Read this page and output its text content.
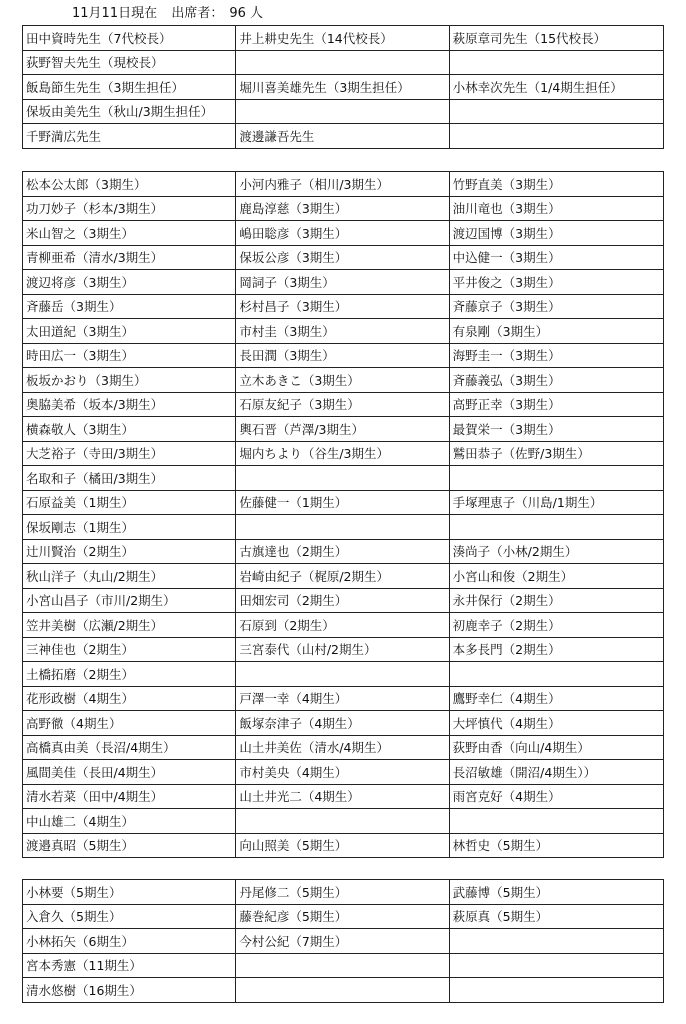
11月11日現在 出席者： 96 人
田中資時先生（7代校長）	井上耕史先生（14代校長）	萩原章司先生（15代校長）
荻野智夫先生（現校長）		
飯島節生先生（3期生担任）	堀川喜美雄先生（3期生担任）	小林幸次先生（1/4期生担任）
保坂由美先生（秋山/3期生担任）		
千野満広先生	渡邊謙吾先生	
松本公太郎（3期生）	小河内雅子（相川/3期生）	竹野直美（3期生）
功刀妙子（杉本/3期生）	鹿島淳慈（3期生）	油川竜也（3期生）
米山智之（3期生）	嶋田聡彦（3期生）	渡辺国博（3期生）
青柳亜希（清水/3期生）	保坂公彦（3期生）	中込健一（3期生）
渡辺将彦（3期生）	岡詞子（3期生）	平井俊之（3期生）
斉藤岳（3期生）	杉村昌子（3期生）	斉藤京子（3期生）
太田道紀（3期生）	市村圭（3期生）	有泉剛（3期生）
時田広一（3期生）	長田潤（3期生）	海野圭一（3期生）
板坂かおり（3期生）	立木あきこ（3期生）	斉藤義弘（3期生）
奥脇美希（坂本/3期生）	石原友紀子（3期生）	高野正幸（3期生）
横森敬人（3期生）	輿石晋（芦澤/3期生）	最賀栄一（3期生）
大芝裕子（寺田/3期生）	堀内ちより（谷生/3期生）	鷲田恭子（佐野/3期生）
名取和子（橘田/3期生）		
石原益美（1期生）	佐藤健一（1期生）	手塚理恵子（川島/1期生）
保坂剛志（1期生）		
辻川賢治（2期生）	古旗達也（2期生）	湊尚子（小林/2期生）
秋山洋子（丸山/2期生）	岩崎由紀子（梶原/2期生）	小宮山和俊（2期生）
小宮山昌子（市川/2期生）	田畑宏司（2期生）	永井保行（2期生）
笠井美樹（広瀬/2期生）	石原到（2期生）	初鹿幸子（2期生）
三神佳也（2期生）	三宮泰代（山村/2期生）	本多長門（2期生）
土橋拓磨（2期生）		
花形政樹（4期生）	戸澤一幸（4期生）	鷹野幸仁（4期生）
高野徹（4期生）	飯塚奈津子（4期生）	大坪慎代（4期生）
高橋真由美（長沼/4期生）	山土井美佐（清水/4期生）	荻野由香（向山/4期生）
風間美佳（長田/4期生）	市村美央（4期生）	長沼敏雄（開沼/4期生））
清水若菜（田中/4期生）	山土井光二（4期生）	雨宮克好（4期生）
中山雄二（4期生）		
渡邉真昭（5期生）	向山照美（5期生）	林哲史（5期生）
小林要（5期生）	丹尾修二（5期生）	武藤博（5期生）
入倉久（5期生）	藤巻紀彦（5期生）	萩原真（5期生）
小林拓矢（6期生）	今村公紀（7期生）	
宮本秀憲（11期生）		
清水悠樹（16期生）		
